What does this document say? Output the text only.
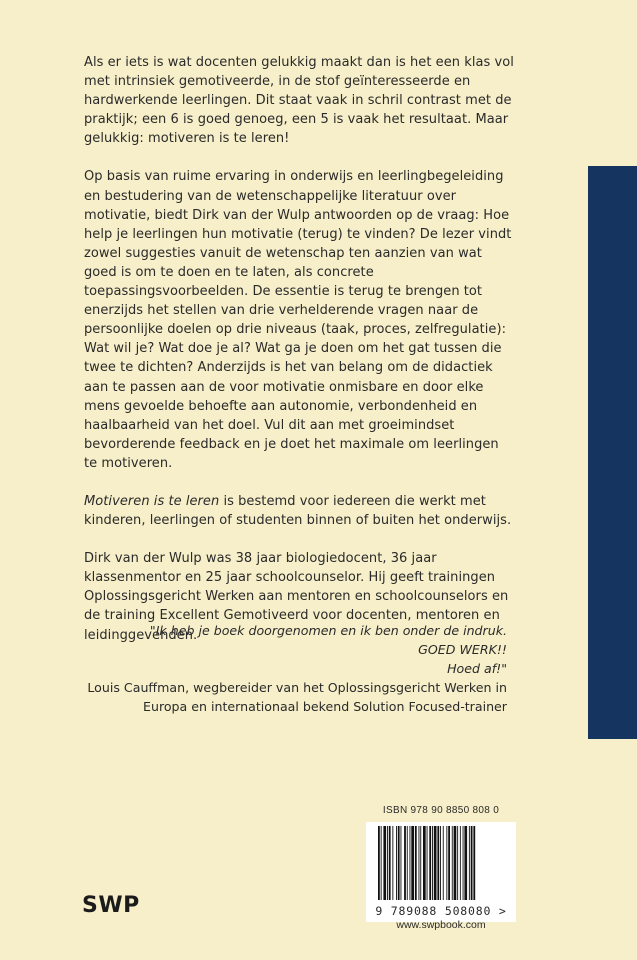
Als er iets is wat docenten gelukkig maakt dan is het een klas vol met intrinsiek gemotiveerde, in de stof geïnteresseerde en hardwerkende leerlingen. Dit staat vaak in schril contrast met de praktijk; een 6 is goed genoeg, een 5 is vaak het resultaat. Maar gelukkig: motiveren is te leren!

Op basis van ruime ervaring in onderwijs en leerlingbegeleiding en bestudering van de wetenschappelijke literatuur over motivatie, biedt Dirk van der Wulp antwoorden op de vraag: Hoe help je leerlingen hun motivatie (terug) te vinden? De lezer vindt zowel suggesties vanuit de wetenschap ten aanzien van wat goed is om te doen en te laten, als concrete toepassingsvoorbeelden. De essentie is terug te brengen tot enerzijds het stellen van drie verhelderende vragen naar de persoonlijke doelen op drie niveaus (taak, proces, zelfregulatie): Wat wil je? Wat doe je al? Wat ga je doen om het gat tussen die twee te dichten? Anderzijds is het van belang om de didactiek aan te passen aan de voor motivatie onmisbare en door elke mens gevoelde behoefte aan autonomie, verbondenheid en haalbaarheid van het doel. Vul dit aan met groeimindset bevorderende feedback en je doet het maximale om leerlingen te motiveren.

Motiveren is te leren is bestemd voor iedereen die werkt met kinderen, leerlingen of studenten binnen of buiten het onderwijs.

Dirk van der Wulp was 38 jaar biologiedocent, 36 jaar klassenmentor en 25 jaar schoolcounselor. Hij geeft trainingen Oplossingsgericht Werken aan mentoren en schoolcounselors en de training Excellent Gemotiveerd voor docenten, mentoren en leidinggevenden.

"Ik heb je boek doorgenomen en ik ben onder de indruk.
GOED WERK!!
Hoed af!"
Louis Cauffman, wegbereider van het Oplossingsgericht Werken in
Europa en internationaal bekend Solution Focused-trainer
ISBN 978 90 8850 808 0
9 789088 508080 >
www.swpbook.com
SWP
